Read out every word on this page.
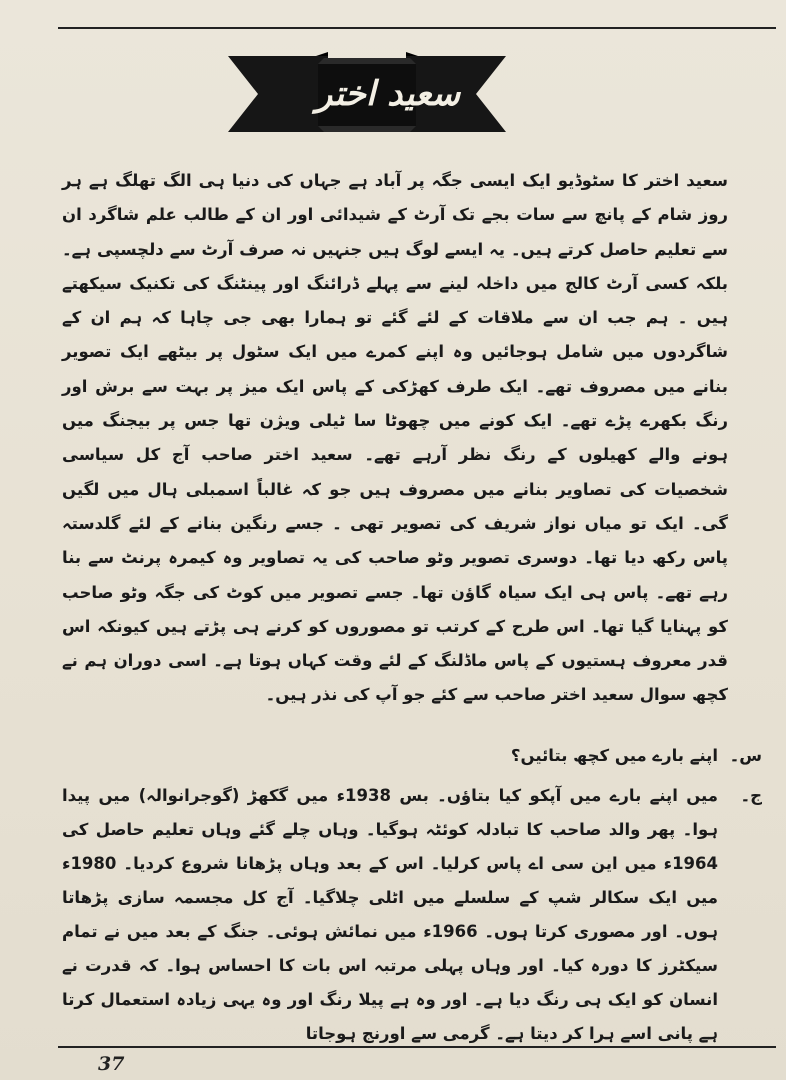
سعید اختر
سعید اختر کا سٹوڈیو ایک ایسی جگہ پر آباد ہے جہاں کی دنیا ہی الگ تھلگ ہے ہر روز شام کے پانچ سے سات بجے تک آرٹ کے شیدائی اور ان کے طالب علم شاگرد ان سے تعلیم حاصل کرتے ہیں۔ یہ ایسے لوگ ہیں جنہیں نہ صرف آرٹ سے دلچسپی ہے۔ بلکہ کسی آرٹ کالج میں داخلہ لینے سے پہلے ڈرائنگ اور پینٹنگ کی تکنیک سیکھتے ہیں ۔ ہم جب ان سے ملاقات کے لئے گئے تو ہمارا بھی جی چاہا کہ ہم ان کے شاگردوں میں شامل ہوجائیں وہ اپنے کمرے میں ایک سٹول پر بیٹھے ایک تصویر بنانے میں مصروف تھے۔ ایک طرف کھڑکی کے پاس ایک میز پر بہت سے برش اور رنگ بکھرے پڑے تھے۔ ایک کونے میں چھوٹا سا ٹیلی ویژن تھا جس پر بیجنگ میں ہونے والے کھیلوں کے رنگ نظر آرہے تھے۔ سعید اختر صاحب آج کل سیاسی شخصیات کی تصاویر بنانے میں مصروف ہیں جو کہ غالباً اسمبلی ہال میں لگیں گی۔ ایک تو میاں نواز شریف کی تصویر تھی ۔ جسے رنگین بنانے کے لئے گلدستہ پاس رکھ دیا تھا۔ دوسری تصویر وٹو صاحب کی یہ تصاویر وہ کیمرہ پرنٹ سے بنا رہے تھے۔ پاس ہی ایک سیاہ گاؤن تھا۔ جسے تصویر میں کوٹ کی جگہ وٹو صاحب کو پہنایا گیا تھا۔ اس طرح کے کرتب تو مصوروں کو کرنے ہی پڑتے ہیں کیونکہ اس قدر معروف ہستیوں کے پاس ماڈلنگ کے لئے وقت کہاں ہوتا ہے۔ اسی دوران ہم نے کچھ سوال سعید اختر صاحب سے کئے جو آپ کی نذر ہیں۔
س۔
اپنے بارے میں کچھ بتائیں؟
ج۔
میں اپنے بارے میں آپکو کیا بتاؤں۔ بس 1938ء میں گکھڑ (گوجرانوالہ) میں پیدا ہوا۔ پھر والد صاحب کا تبادلہ کوئٹہ ہوگیا۔ وہاں چلے گئے وہاں تعلیم حاصل کی 1964ء میں این سی اے پاس کرلیا۔ اس کے بعد وہاں پڑھانا شروع کردیا۔ 1980ء میں ایک سکالر شپ کے سلسلے میں اٹلی چلاگیا۔ آج کل مجسمہ سازی پڑھاتا ہوں۔ اور مصوری کرتا ہوں۔ 1966ء میں نمائش ہوئی۔ جنگ کے بعد میں نے تمام سیکٹرز کا دورہ کیا۔ اور وہاں پہلی مرتبہ اس بات کا احساس ہوا۔ کہ قدرت نے انسان کو ایک ہی رنگ دیا ہے۔ اور وہ ہے پیلا رنگ اور وہ یہی زیادہ استعمال کرتا ہے پانی اسے ہرا کر دیتا ہے۔ گرمی سے اورنج ہوجاتا
37
